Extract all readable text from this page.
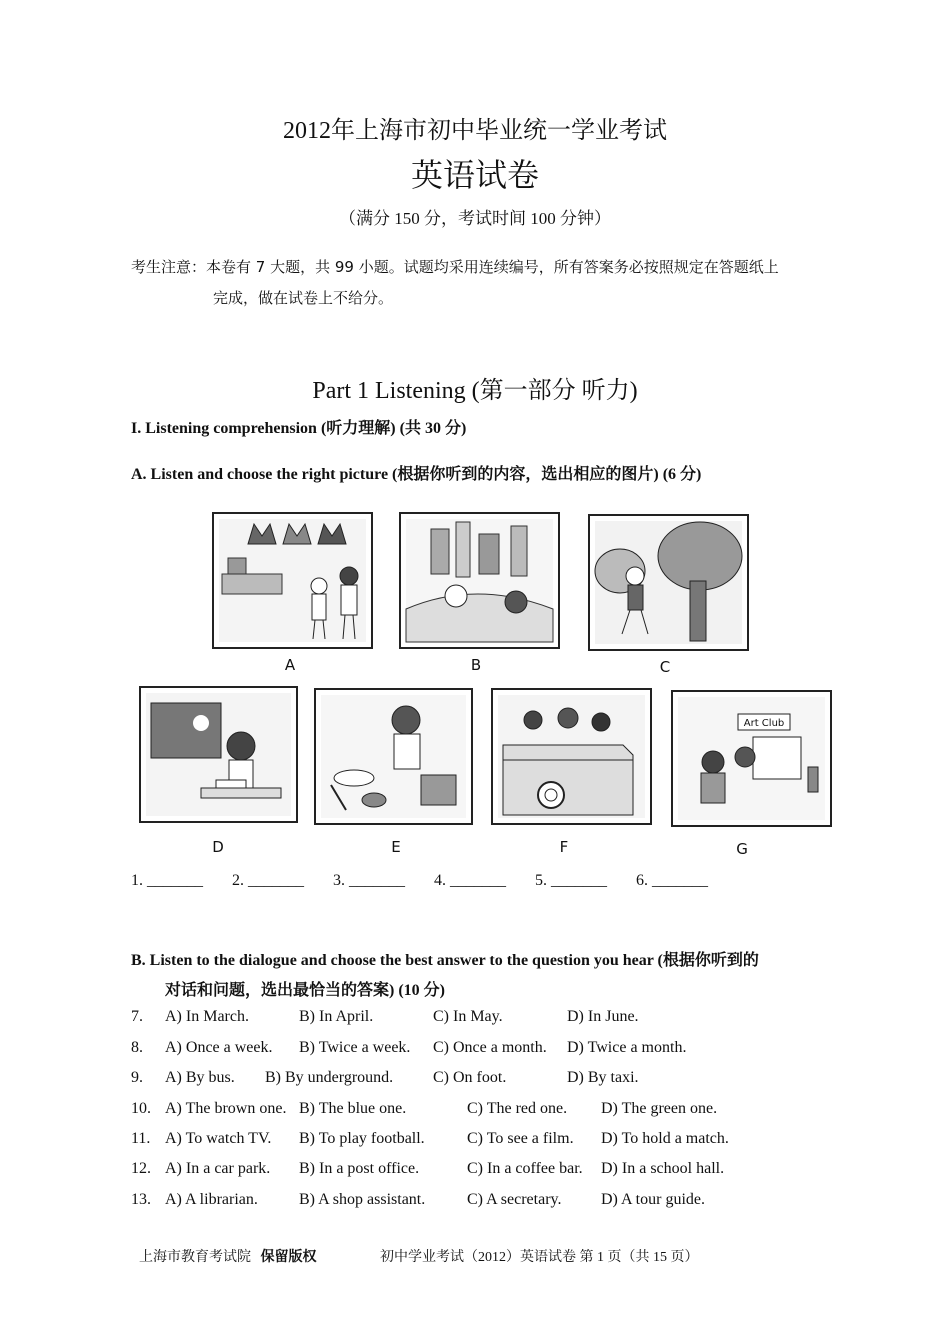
2012年上海市初中毕业统一学业考试
英语试卷
（满分 150 分，考试时间 100 分钟）
考生注意：本卷有 7 大题，共 99 小题。试题均采用连续编号，所有答案务必按照规定在答题纸上
完成，做在试卷上不给分。
Part 1 Listening (第一部分 听力)
I. Listening comprehension (听力理解) (共 30 分)
A. Listen and choose the right picture (根据你听到的内容，选出相应的图片) (6 分)
A	B	C
D	E	F
Art Club
G
1. _______ 2. _______ 3. _______ 4. _______ 5. _______ 6. _______
B. Listen to the dialogue and choose the best answer to the question you hear (根据你听到的
对话和问题，选出最恰当的答案) (10 分)
7. A) In March.	B) In April.	C) In May.	D) In June.
8. A) Once a week. B) Twice a week. C) Once a month. D) Twice a month.
9. A) By bus. B) By underground. C) On foot.	D) By taxi.
10. A) The brown one. B) The blue one.	C) The red one. D) The green one.
11. A) To watch TV. B) To play football.	C) To see a film. D) To hold a match.
12. A) In a car park. B) In a post office.	C) In a coffee bar. D) In a school hall.
13. A) A librarian.	B) A shop assistant.	C) A secretary. D) A tour guide.
上海市教育考试院 保留版权	初中学业考试（2012）英语试卷 第 1 页（共 15 页）
